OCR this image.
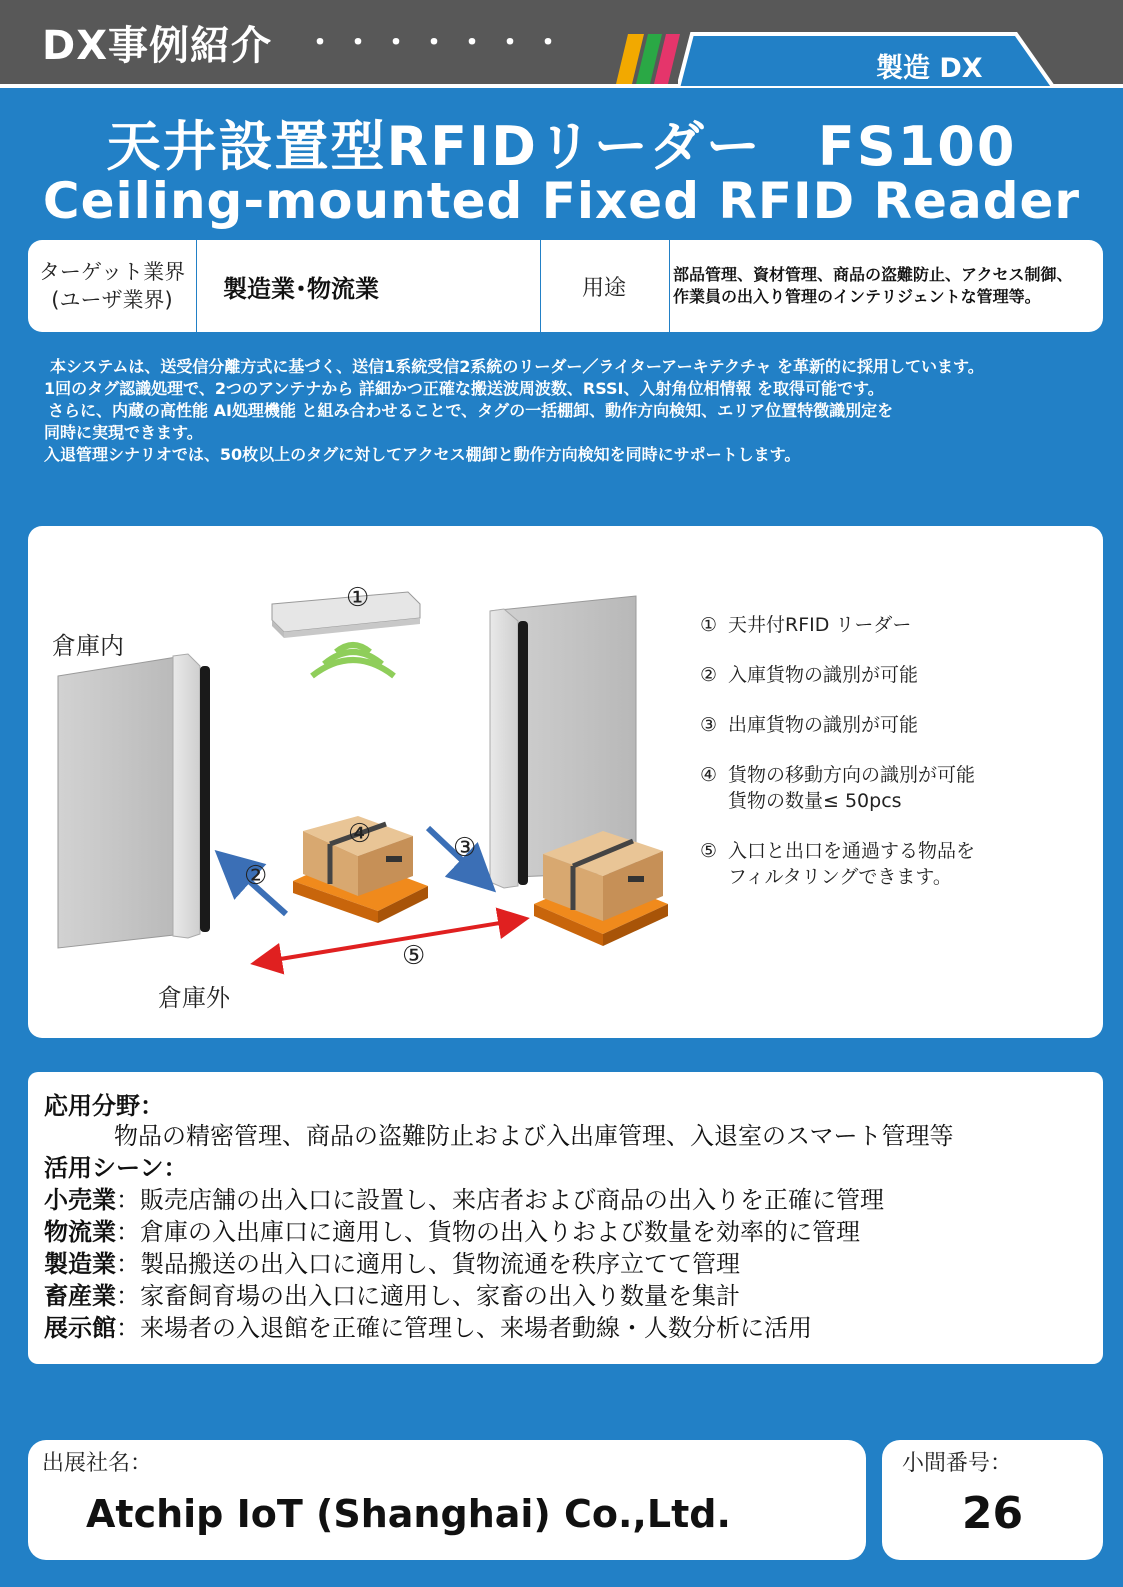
DX事例紹介 ・・・・・・・
製造 DX
天井設置型RFIDリーダー　FS100
Ceiling-mounted Fixed RFID Reader
ターゲット業界
(ユーザ業界) 製造業･物流業	用途
部品管理、資材管理、商品の盗難防止、アクセス制御、
作業員の出入り管理のインテリジェントな管理等。
本システムは、送受信分離方式に基づく、送信1系統受信2系統のリーダー／ライターアーキテクチャ を革新的に採用しています。
1回のタグ認識処理で、2つのアンテナから 詳細かつ正確な搬送波周波数、RSSI、入射角位相情報 を取得可能です。
さらに、内蔵の高性能 AI処理機能 と組み合わせることで、タグの一括棚卸、動作方向検知、エリア位置特徴識別定を
同時に実現できます。
入退管理シナリオでは、50枚以上のタグに対してアクセス棚卸と動作方向検知を同時にサポートします。
①
②
③
④
⑤
倉庫内
倉庫外
① 天井付RFID リーダー
② 入庫貨物の識別が可能
③ 出庫貨物の識別が可能
④ 貨物の移動方向の識別が可能
貨物の数量≤ 50pcs
⑤ 入口と出口を通過する物品を
フィルタリングできます。
応用分野：
物品の精密管理、商品の盗難防止および入出庫管理、入退室のスマート管理等
活用シーン：
小売業：販売店舗の出入口に設置し、来店者および商品の出入りを正確に管理
物流業：倉庫の入出庫口に適用し、貨物の出入りおよび数量を効率的に管理
製造業：製品搬送の出入口に適用し、貨物流通を秩序立てて管理
畜産業：家畜飼育場の出入口に適用し、家畜の出入り数量を集計
展示館：来場者の入退館を正確に管理し、来場者動線・人数分析に活用
出展社名：
Atchip IoT (Shanghai) Co.,Ltd.
小間番号：
26
